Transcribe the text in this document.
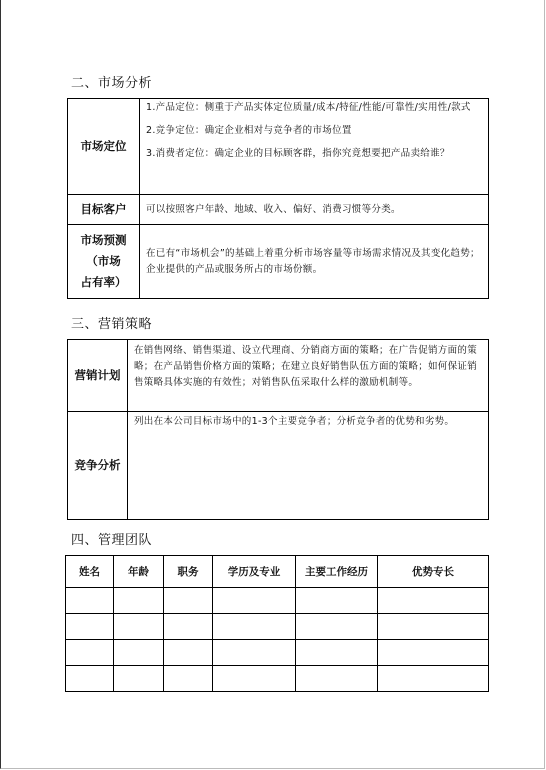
二、市场分析
市场定位	1.产品定位：侧重于产品实体定位质量/成本/特征/性能/可靠性/实用性/款式

2.竞争定位：确定企业相对与竞争者的市场位置

3.消费者定位：确定企业的目标顾客群，指你究竟想要把产品卖给谁？

目标客户	可以按照客户年龄、地域、收入、偏好、消费习惯等分类。

市场预测
（市场
占有率）	在已有“市场机会”的基础上着重分析市场容量等市场需求情况及其变化趋势；企业提供的产品或服务所占的市场份额。
三、营销策略
营销计划	在销售网络、销售渠道、设立代理商、分销商方面的策略；在广告促销方面的策略；在产品销售价格方面的策略；在建立良好销售队伍方面的策略；如何保证销售策略具体实施的有效性；对销售队伍采取什么样的激励机制等。
竞争分析	列出在本公司目标市场中的1-3个主要竞争者；分析竞争者的优势和劣势。
四、管理团队
姓名	年龄	职务	学历及专业	主要工作经历	优势专长
